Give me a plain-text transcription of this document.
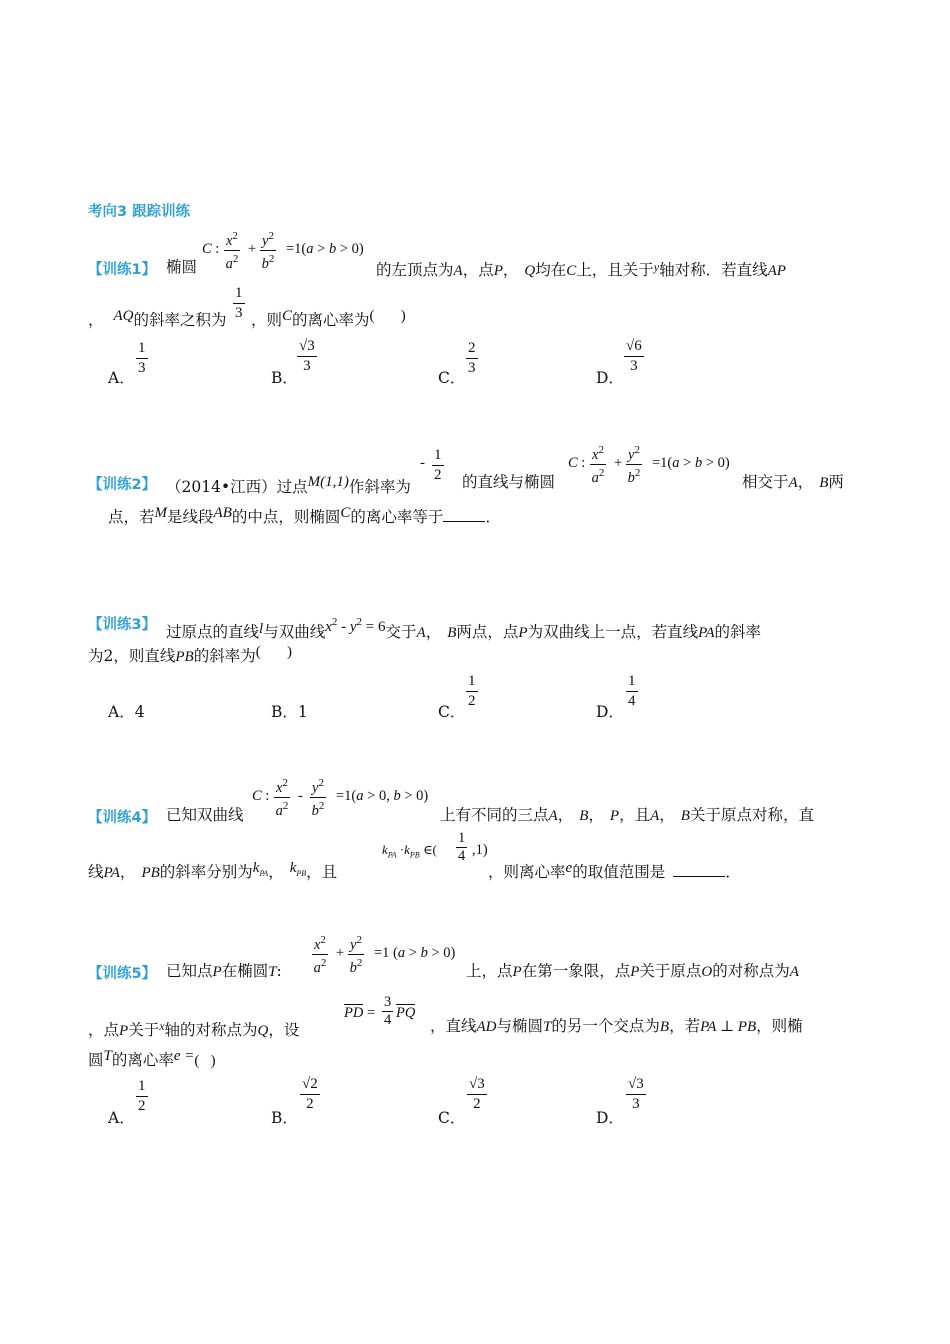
考向3 跟踪训练
【训练1】 椭圆
C :
$x^2$
$a^2$
+
$y^2$
$b^2$
=1(a > b > 0)
的左顶点为A，点P， Q均在C上，且关于$^y$轴对称．若直线AP
， AQ的斜率之积为 $\frac{1}{3}$ ，则C的离心率为(       )
A．
$\frac{1}{3}$
B．
$\frac{√3}{3}$
C．
$\frac{2}{3}$
D．
$\frac{√6}{3}$
【训练2】 （2014•江西）过点M(1,1)作斜率为
- 1
2 的直线与椭圆
C :
$x^2$
$a^2$
+
$y^2$
$b^2$
=1(a > b > 0)
相交于A， B两
点，若M是线段AB的中点，则椭圆C的离心率等于	．
【训练3】 过原点的直线l与双曲线$x^2 - y^2 = 6$交于A， B两点，点P为双曲线上一点，若直线PA的斜率
为2，则直线PB的斜率为(       )
A．4	B．1	C．
$\frac{1}{2}$
D．
$\frac{1}{4}$
【训练4】 已知双曲线
C :
$x^2$
$a^2$
-
$y^2$
$b^2$
=1(a > 0, b > 0)
上有不同的三点A， B， P，且A， B关于原点对称，直
线PA， PB的斜率分别为$k_{PA}$， $k_{PB}$，且
$k_{PA} \cdot k_{PB}$ ∈(
1
4 ,1)
，则离心率e的取值范围是	．
【训练5】 已知点P在椭圆T:
$x^2$
$a^2$
+
$y^2$
$b^2$
=1 (a > b > 0)
上，点P在第一象限，点P关于原点O的对称点为A
，点P关于$^x$轴的对称点为Q，设
PD =
3
4 PQ
，直线AD与椭圆T的另一个交点为B，若PA ⊥ PB，则椭
圆T的离心率e =(   )
A．
$\frac{1}{2}$
B．
$\frac{√2}{2}$
C．
$\frac{√3}{2}$
D．
$\frac{√3}{3}$
